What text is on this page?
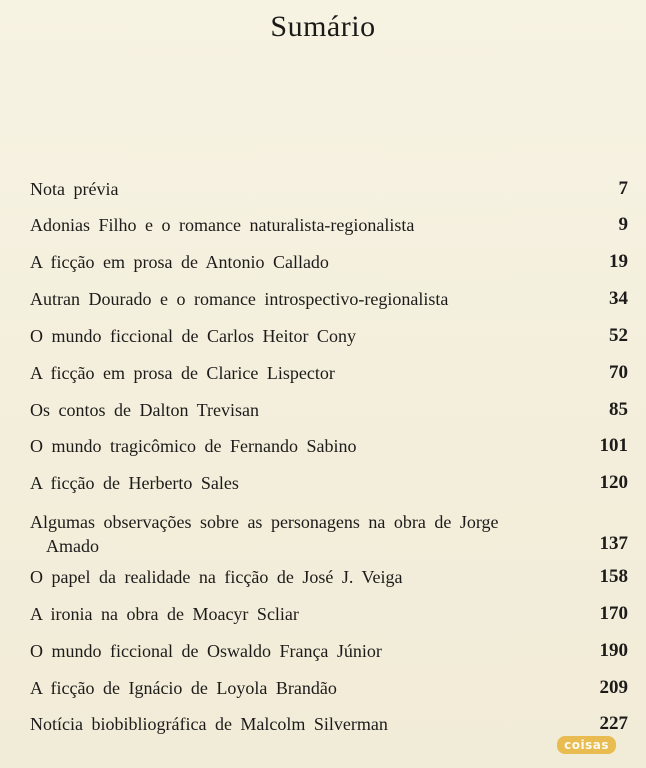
Sumário
Nota prévia	7
Adonias Filho e o romance naturalista-regionalista	9
A ficção em prosa de Antonio Callado	19
Autran Dourado e o romance introspectivo-regionalista	34
O mundo ficcional de Carlos Heitor Cony	52
A ficção em prosa de Clarice Lispector	70
Os contos de Dalton Trevisan	85
O mundo tragicômico de Fernando Sabino	101
A ficção de Herberto Sales	120
Algumas observações sobre as personagens na obra de Jorge
Amado	137
O papel da realidade na ficção de José J. Veiga	158
A ironia na obra de Moacyr Scliar	170
O mundo ficcional de Oswaldo França Júnior	190
A ficção de Ignácio de Loyola Brandão	209
Notícia biobibliográfica de Malcolm Silverman	227
coisas
